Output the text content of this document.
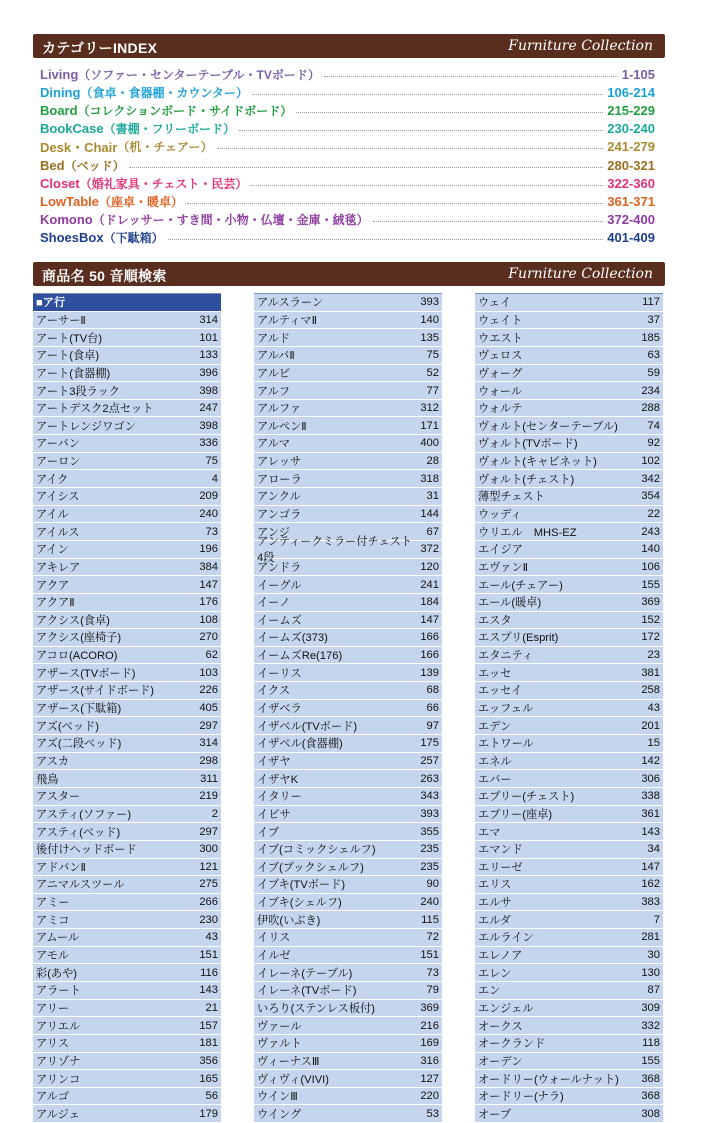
カテゴリーINDEX	Furniture Collection
Living （ソファー・センターテーブル・TVボード）	1-105
Dining （食卓・食器棚・カウンター）	106-214
Board （コレクションボード・サイドボード）	215-229
BookCase （書棚・フリーボード）	230-240
Desk・Chair （机・チェアー）	241-279
Bed （ベッド）	280-321
Closet （婚礼家具・チェスト・民芸）	322-360
LowTable （座卓・暖卓）	361-371
Komono （ドレッサー・すき間・小物・仏壇・金庫・絨毯）	372-400
ShoesBox （下駄箱）	401-409
商品名 50 音順検索	Furniture Collection
■ア行
アーサーⅡ	314
アート(TV台)	101
アート(食卓)	133
アート(食器棚)	396
アート3段ラック	398
アートデスク2点セット	247
アートレンジワゴン	398
アーバン	336
アーロン	75
アイク	4
アイシス	209
アイル	240
アイルス	73
アイン	196
アキレア	384
アクア	147
アクアⅡ	176
アクシス(食卓)	108
アクシス(座椅子)	270
アコロ(ACORO)	62
アザース(TVボード)	103
アザース(サイドボード)	226
アザース(下駄箱)	405
アズ(ベッド)	297
アズ(二段ベッド)	314
アスカ	298
飛鳥	311
アスター	219
アスティ(ソファー)	2
アスティ(ベッド)	297
後付けヘッドボード	300
アドバンⅡ	121
アニマルスツール	275
アミー	266
アミコ	230
アムール	43
アモル	151
彩(あや)	116
アラート	143
アリー	21
アリエル	157
アリス	181
アリゾナ	356
アリンコ	165
アルゴ	56
アルジェ	179
アルスラーン	393
アルティマⅡ	140
アルド	135
アルバⅡ	75
アルビ	52
アルフ	77
アルファ	312
アルペンⅡ	171
アルマ	400
アレッサ	28
アローラ	318
アンクル	31
アンゴラ	144
アンジ	67
アンティークミラー付チェスト4段
372
アンドラ	120
イーグル	241
イーノ	184
イームズ	147
イームズ(373)	166
イームズRe(176)	166
イーリス	139
イクス	68
イザベラ	66
イザベル(TVボード)	97
イザベル(食器棚)	175
イザヤ	257
イザヤK	263
イタリー	343
イビサ	393
イブ	355
イブ(コミックシェルフ)	235
イブ(ブックシェルフ)	235
イブキ(TVボード)	90
イブキ(シェルフ)	240
伊吹(いぶき)	115
イリス	72
イルゼ	151
イレーネ(テーブル)	73
イレーネ(TVボード)	79
いろり(ステンレス板付)	369
ヴァール	216
ヴァルト	169
ヴィーナスⅢ	316
ヴィヴィ(VIVI)	127
ウインⅢ	220
ウイング	53
ウェイ	117
ウェイト	37
ウエスト	185
ヴェロス	63
ヴォーグ	59
ウォール	234
ウォルテ	288
ヴォルト(センターテーブル)	74
ヴォルト(TVボード)	92
ヴォルト(キャビネット)	102
ヴォルト(チェスト)	342
薄型チェスト	354
ウッディ	22
ウリエル　MHS-EZ	243
エイジア	140
エヴァンⅡ	106
エール(チェアー)	155
エール(暖卓)	369
エスタ	152
エスプリ(Esprit)	172
エタニティ	23
エッセ	381
エッセイ	258
エッフェル	43
エデン	201
エトワール	15
エネル	142
エバー	306
エブリー(チェスト)	338
エブリー(座卓)	361
エマ	143
エマンド	34
エリーゼ	147
エリス	162
エルサ	383
エルダ	7
エルライン	281
エレノア	30
エレン	130
エン	87
エンジェル	309
オークス	332
オークランド	118
オーデン	155
オードリー(ウォールナット)	368
オードリー(ナラ)	368
オーブ	308
